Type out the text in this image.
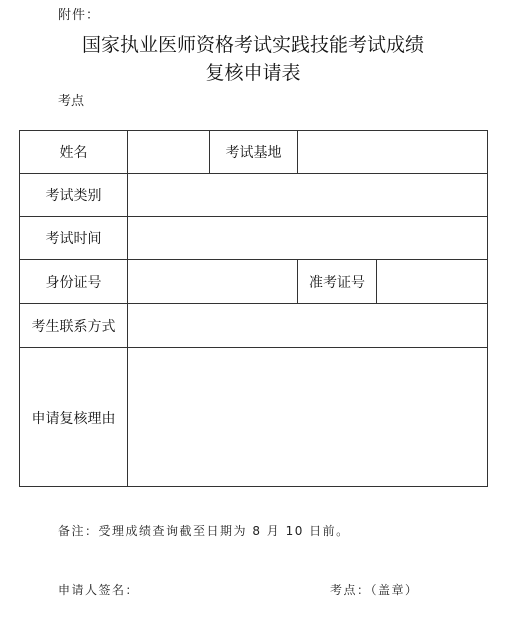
附件：
国家执业医师资格考试实践技能考试成绩
复核申请表
考点
姓名	考试基地
考试类别
考试时间
身份证号	准考证号
考生联系方式
申请复核理由
备注：受理成绩查询截至日期为 8 月 10 日前。
申请人签名：	考点：（盖章）
